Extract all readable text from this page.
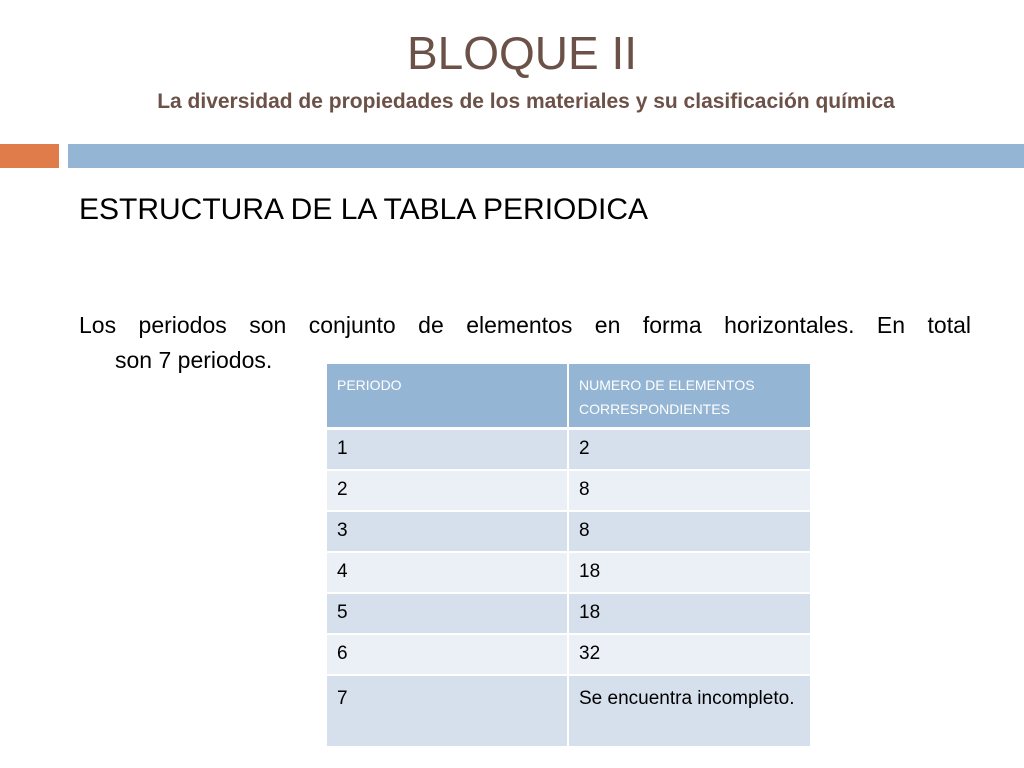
BLOQUE II
La diversidad de propiedades de los materiales y su clasificación química
ESTRUCTURA DE LA TABLA PERIODICA
Los periodos son conjunto de elementos en forma horizontales. En total
son 7 periodos.
PERIODO	NUMERO DE ELEMENTOS CORRESPONDIENTES
1	2
2	8
3	8
4	18
5	18
6	32
7	Se encuentra incompleto.
